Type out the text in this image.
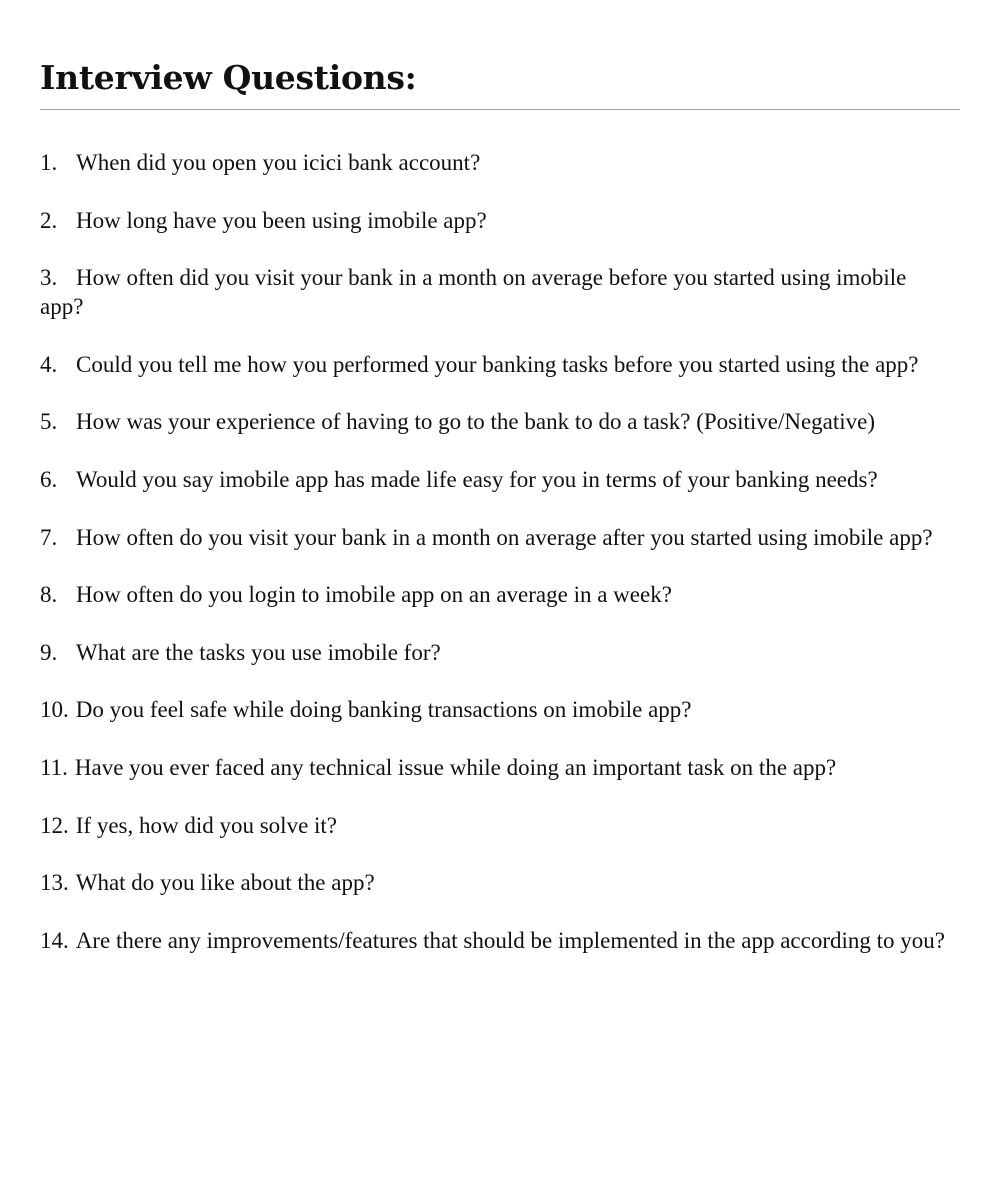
Interview Questions:
1. When did you open you icici bank account?
2. How long have you been using imobile app?
3. How often did you visit your bank in a month on average before you started using imobile app?
4. Could you tell me how you performed your banking tasks before you started using the app?
5. How was your experience of having to go to the bank to do a task? (Positive/Negative)
6. Would you say imobile app has made life easy for you in terms of your banking needs?
7. How often do you visit your bank in a month on average after you started using imobile app?
8. How often do you login to imobile app on an average in a week?
9. What are the tasks you use imobile for?
10. Do you feel safe while doing banking transactions on imobile app?
11. Have you ever faced any technical issue while doing an important task on the app?
12. If yes, how did you solve it?
13. What do you like about the app?
14. Are there any improvements/features that should be implemented in the app according to you?
